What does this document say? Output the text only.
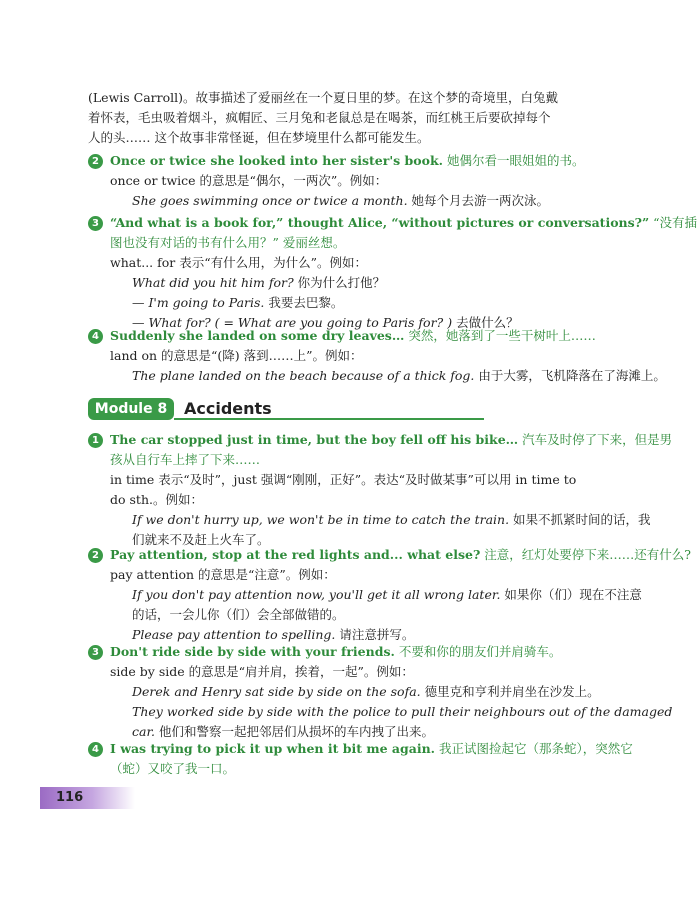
(Lewis Carroll)。故事描述了爱丽丝在一个夏日里的梦。在这个梦的奇境里，白兔戴
着怀表，毛虫吸着烟斗，疯帽匠、三月兔和老鼠总是在喝茶，而红桃王后要砍掉每个
人的头…… 这个故事非常怪诞，但在梦境里什么都可能发生。
2 Once or twice she looked into her sister's book. 她偶尔看一眼姐姐的书。
once or twice 的意思是“偶尔，一两次”。例如：
She goes swimming once or twice a month. 她每个月去游一两次泳。
3 “And what is a book for,” thought Alice, “without pictures or conversations?” “没有插
图也没有对话的书有什么用？” 爱丽丝想。
what... for 表示“有什么用，为什么”。例如：
What did you hit him for? 你为什么打他？
— I'm going to Paris. 我要去巴黎。
— What for? ( = What are you going to Paris for? ) 去做什么？
4 Suddenly she landed on some dry leaves… 突然，她落到了一些干树叶上……
land on 的意思是“(降) 落到……上”。例如：
The plane landed on the beach because of a thick fog. 由于大雾，飞机降落在了海滩上。
Module 8	Accidents
1 The car stopped just in time, but the boy fell off his bike… 汽车及时停了下来，但是男
孩从自行车上摔了下来……
in time 表示“及时”，just 强调“刚刚，正好”。表达“及时做某事”可以用 in time to
do sth.。例如：
If we don't hurry up, we won't be in time to catch the train. 如果不抓紧时间的话，我
们就来不及赶上火车了。
2 Pay attention, stop at the red lights and... what else? 注意，红灯处要停下来……还有什么?
pay attention 的意思是“注意”。例如：
If you don't pay attention now, you'll get it all wrong later. 如果你（们）现在不注意
的话，一会儿你（们）会全部做错的。
Please pay attention to spelling. 请注意拼写。
3 Don't ride side by side with your friends. 不要和你的朋友们并肩骑车。
side by side 的意思是“肩并肩，挨着，一起”。例如：
Derek and Henry sat side by side on the sofa. 德里克和亨利并肩坐在沙发上。
They worked side by side with the police to pull their neighbours out of the damaged
car. 他们和警察一起把邻居们从损坏的车内拽了出来。
4 I was trying to pick it up when it bit me again. 我正试图捡起它（那条蛇），突然它
（蛇）又咬了我一口。
116
